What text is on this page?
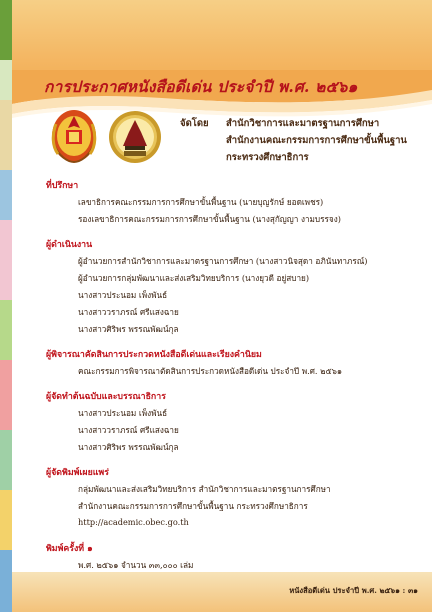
การประกาศหนังสือดีเด่น ประจำปี พ.ศ. ๒๕๖๑
จัดโดย สำนักวิชาการและมาตรฐานการศึกษา
สำนักงานคณะกรรมการการศึกษาขั้นพื้นฐาน
กระทรวงศึกษาธิการ
ที่ปรึกษา
เลขาธิการคณะกรรมการการศึกษาขั้นพื้นฐาน (นายบุญรักษ์ ยอดเพชร)
รองเลขาธิการคณะกรรมการการศึกษาขั้นพื้นฐาน (นางสุกัญญา งามบรรจง)
ผู้ดำเนินงาน
ผู้อำนวยการสำนักวิชาการและมาตรฐานการศึกษา (นางสาวนิจสุดา อภินันทาภรณ์)
ผู้อำนวยการกลุ่มพัฒนาและส่งเสริมวิทยบริการ (นางยุวดี อยู่สบาย)
นางสาวประนอม เพ็งพันธ์
นางสาววราภรณ์ ศรีแสงฉาย
นางสาวศิริพร พรรณพัฒน์กุล
ผู้พิจารณาคัดสินการประกวดหนังสือดีเด่นและเรียงคำนิยม
คณะกรรมการพิจารณาตัดสินการประกวดหนังสือดีเด่น ประจำปี พ.ศ. ๒๕๖๑
ผู้จัดทำต้นฉบับและบรรณาธิการ
นางสาวประนอม เพ็งพันธ์
นางสาววราภรณ์ ศรีแสงฉาย
นางสาวศิริพร พรรณพัฒน์กุล
ผู้จัดพิมพ์เผยแพร่
กลุ่มพัฒนาและส่งเสริมวิทยบริการ สำนักวิชาการและมาตรฐานการศึกษา
สำนักงานคณะกรรมการการศึกษาขั้นพื้นฐาน กระทรวงศึกษาธิการ
http://academic.obec.go.th
พิมพ์ครั้งที่ ๑
พ.ศ. ๒๕๖๑ จำนวน ๓๓,๐๐๐ เล่ม
หนังสือดีเด่น ประจำปี พ.ศ. ๒๕๖๑ : ๓๑
